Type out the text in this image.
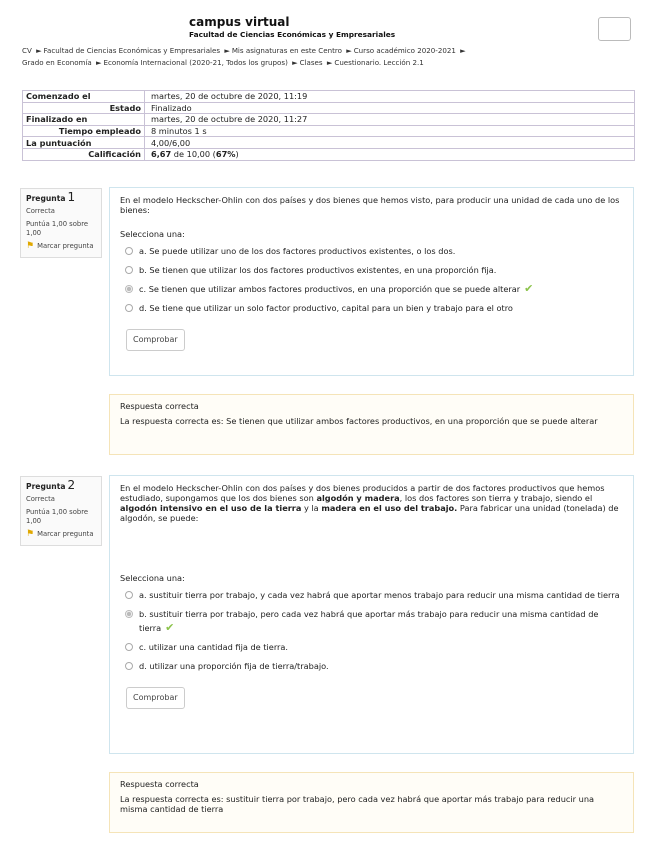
campus virtual
Facultad de Ciencias Económicas y Empresariales
CV ► Facultad de Ciencias Económicas y Empresariales ► Mis asignaturas en este Centro ► Curso académico 2020-2021 ►
Grado en Economía ► Economía Internacional (2020-21, Todos los grupos) ► Clases ► Cuestionario. Lección 2.1
Comenzado el	martes, 20 de octubre de 2020, 11:19
Estado	Finalizado
Finalizado en	martes, 20 de octubre de 2020, 11:27
Tiempo empleado	8 minutos 1 s
La puntuación	4,00/6,00
Calificación	6,67 de 10,00 (67%)
Pregunta 1
Correcta
Puntúa 1,00 sobre 1,00
⚑ Marcar pregunta
En el modelo Heckscher-Ohlin con dos países y dos bienes que hemos visto, para producir una unidad de cada uno de los bienes:
Selecciona una:
a. Se puede utilizar uno de los dos factores productivos existentes, o los dos.
b. Se tienen que utilizar los dos factores productivos existentes, en una proporción fija.
c. Se tienen que utilizar ambos factores productivos, en una proporción que se puede alterar ✔
d. Se tiene que utilizar un solo factor productivo, capital para un bien y trabajo para el otro
Comprobar
Respuesta correcta
La respuesta correcta es: Se tienen que utilizar ambos factores productivos, en una proporción que se puede alterar
Pregunta 2
Correcta
Puntúa 1,00 sobre 1,00
⚑ Marcar pregunta
En el modelo Heckscher-Ohlin con dos países y dos bienes producidos a partir de dos factores productivos que hemos estudiado, supongamos que los dos bienes son algodón y madera, los dos factores son tierra y trabajo, siendo el algodón intensivo en el uso de la tierra y la madera en el uso del trabajo. Para fabricar una unidad (tonelada) de algodón, se puede:
Selecciona una:
a. sustituir tierra por trabajo, y cada vez habrá que aportar menos trabajo para reducir una misma cantidad de tierra
b. sustituir tierra por trabajo, pero cada vez habrá que aportar más trabajo para reducir una misma cantidad de tierra ✔
c. utilizar una cantidad fija de tierra.
d. utilizar una proporción fija de tierra/trabajo.
Comprobar
Respuesta correcta
La respuesta correcta es: sustituir tierra por trabajo, pero cada vez habrá que aportar más trabajo para reducir una misma cantidad de tierra
